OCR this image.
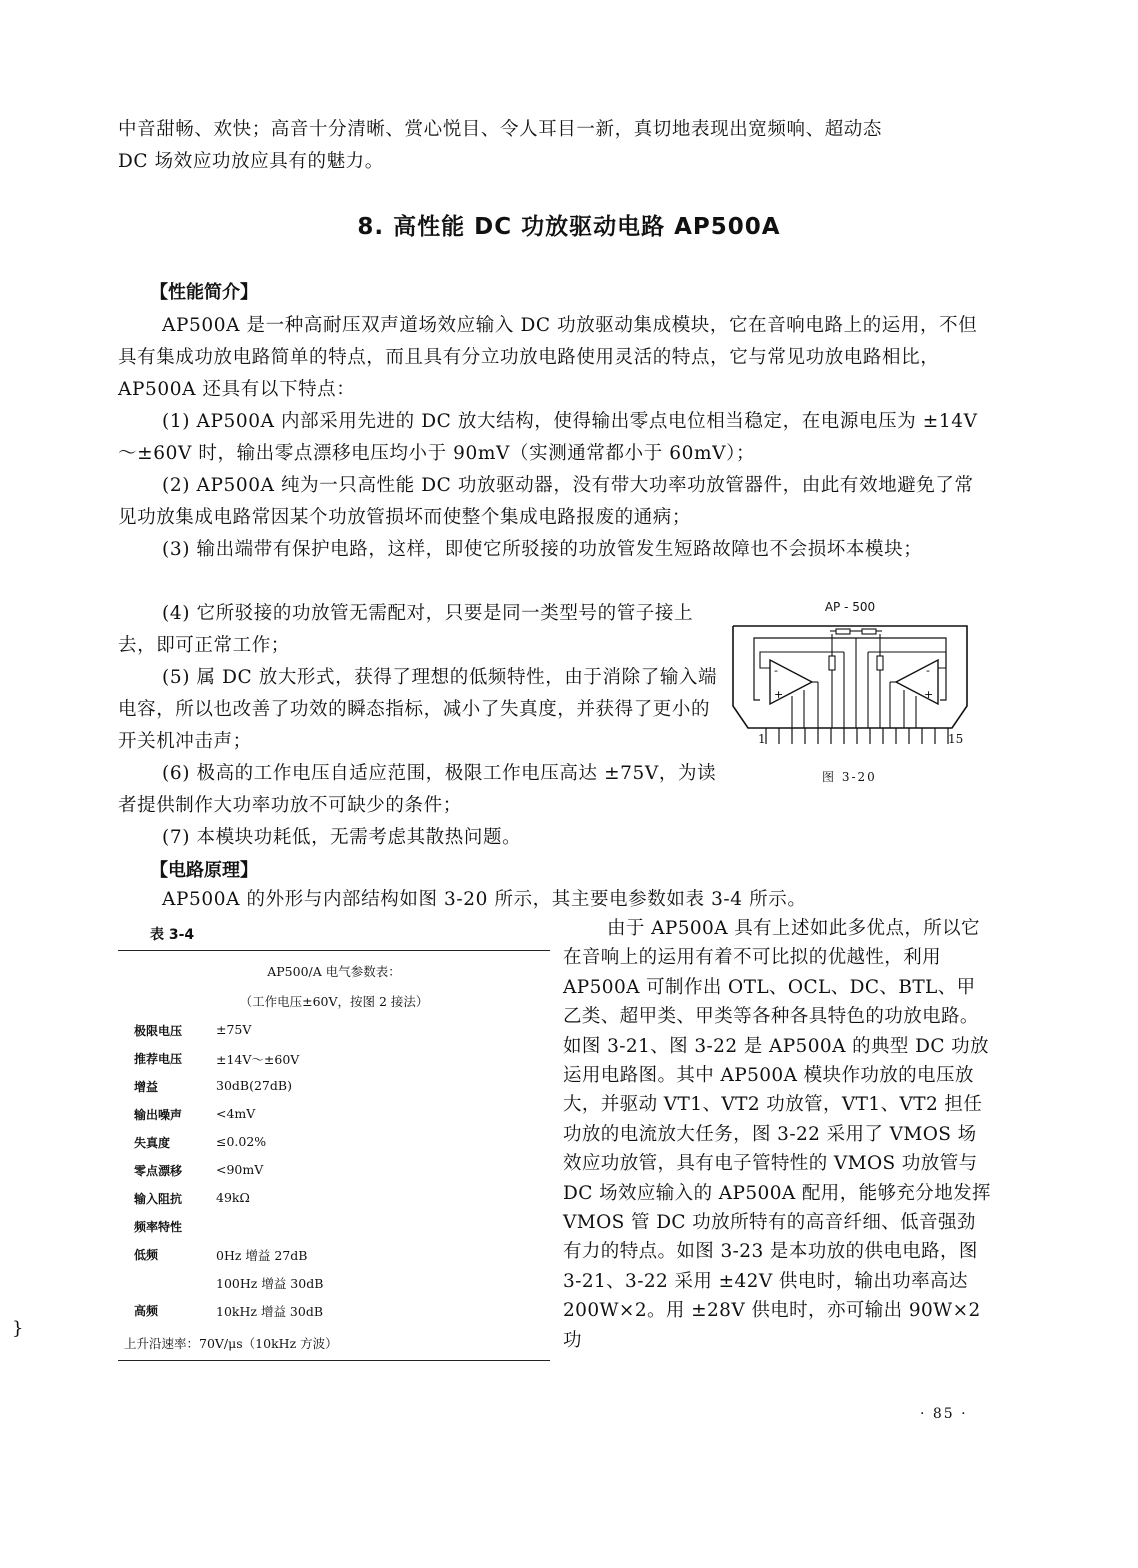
中音甜畅、欢快；高音十分清晰、赏心悦目、令人耳目一新，真切地表现出宽频响、超动态

DC 场效应功放应具有的魅力。

8. 高性能 DC 功放驱动电路 AP500A
【性能简介】

AP500A 是一种高耐压双声道场效应输入 DC 功放驱动集成模块，它在音响电路上的运用，不但具有集成功放电路简单的特点，而且具有分立功放电路使用灵活的特点，它与常见功放电路相比，AP500A 还具有以下特点：

(1) AP500A 内部采用先进的 DC 放大结构，使得输出零点电位相当稳定，在电源电压为 ±14V～±60V 时，输出零点漂移电压均小于 90mV（实测通常都小于 60mV）；

(2) AP500A 纯为一只高性能 DC 功放驱动器，没有带大功率功放管器件，由此有效地避免了常见功放集成电路常因某个功放管损坏而使整个集成电路报废的通病；

(3) 输出端带有保护电路，这样，即使它所驳接的功放管发生短路故障也不会损坏本模块；

(4) 它所驳接的功放管无需配对，只要是同一类型号的管子接上去，即可正常工作；

(5) 属 DC 放大形式，获得了理想的低频特性，由于消除了输入端电容，所以也改善了功效的瞬态指标，减小了失真度，并获得了更小的开关机冲击声；

(6) 极高的工作电压自适应范围，极限工作电压高达 ±75V，为读者提供制作大功率功放不可缺少的条件；

(7) 本模块功耗低，无需考虑其散热问题。

【电路原理】

AP500A 的外形与内部结构如图 3-20 所示，其主要电参数如表 3-4 所示。

AP - 500
-
+
-
+
1	15
图 3-20
表 3-4
AP500/A 电气参数表：
（工作电压±60V，按图 2 接法）
极限电压	±75V
推荐电压	±14V～±60V
增益	30dB(27dB)
输出噪声	<4mV
失真度	≤0.02%
零点漂移	<90mV
输入阻抗	49kΩ
频率特性
低频	0Hz 增益 27dB
100Hz 增益 30dB
高频	10kHz 增益 30dB
上升沿速率：70V/μs（10kHz 方波）

由于 AP500A 具有上述如此多优点，所以它在音响上的运用有着不可比拟的优越性，利用 AP500A 可制作出 OTL、OCL、DC、BTL、甲乙类、超甲类、甲类等各种各具特色的功放电路。如图 3-21、图 3-22 是 AP500A 的典型 DC 功放运用电路图。其中 AP500A 模块作功放的电压放大，并驱动 VT1、VT2 功放管，VT1、VT2 担任功放的电流放大任务，图 3-22 采用了 VMOS 场效应功放管，具有电子管特性的 VMOS 功放管与 DC 场效应输入的 AP500A 配用，能够充分地发挥 VMOS 管 DC 功放所特有的高音纤细、低音强劲有力的特点。如图 3-23 是本功放的供电电路，图 3-21、3-22 采用 ±42V 供电时，输出功率高达 200W×2。用 ±28V 供电时，亦可输出 90W×2 功

· 85 ·
}
